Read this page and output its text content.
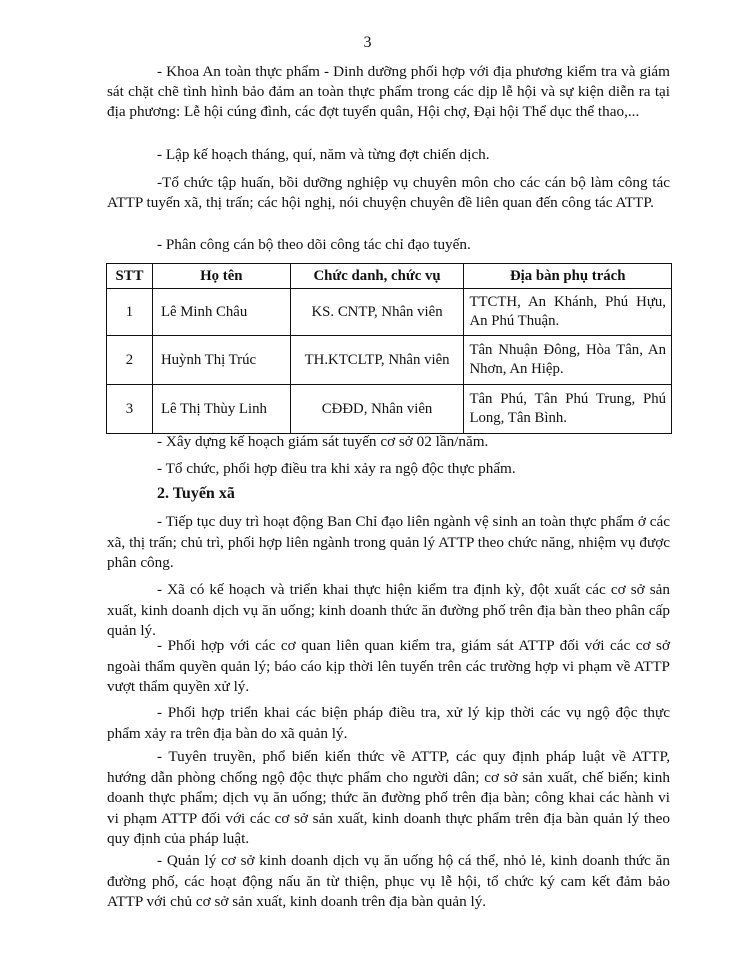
3

- Khoa An toàn thực phẩm - Dinh dưỡng phối hợp với địa phương kiểm tra và giám sát chặt chẽ tình hình bảo đảm an toàn thực phẩm trong các dịp lễ hội và sự kiện diễn ra tại địa phương: Lễ hội cúng đình, các đợt tuyển quân, Hội chợ, Đại hội Thể dục thể thao,...

- Lập kế hoạch tháng, quí, năm và từng đợt chiến dịch.

-Tổ chức tập huấn, bồi dưỡng nghiệp vụ chuyên môn cho các cán bộ làm công tác ATTP tuyến xã, thị trấn; các hội nghị, nói chuyện chuyên đề liên quan đến công tác ATTP.

- Phân công cán bộ theo dõi công tác chỉ đạo tuyến.

STT	Họ tên	Chức danh, chức vụ	Địa bàn phụ trách
1	Lê Minh Châu	KS. CNTP, Nhân viên	TTCTH, An Khánh, Phú Hựu, An Phú Thuận.
2	Huỳnh Thị Trúc	TH.KTCLTP, Nhân viên	Tân Nhuận Đông, Hòa Tân, An Nhơn, An Hiệp.
3	Lê Thị Thùy Linh	CĐĐD, Nhân viên	Tân Phú, Tân Phú Trung, Phú Long, Tân Bình.

- Xây dựng kế hoạch giám sát tuyến cơ sở 02 lần/năm.

- Tổ chức, phối hợp điều tra khi xảy ra ngộ độc thực phẩm.

2. Tuyến xã

- Tiếp tục duy trì hoạt động Ban Chỉ đạo liên ngành vệ sinh an toàn thực phẩm ở các xã, thị trấn; chủ trì, phối hợp liên ngành trong quản lý ATTP theo chức năng, nhiệm vụ được phân công.

- Xã có kế hoạch và triển khai thực hiện kiểm tra định kỳ, đột xuất các cơ sở sản xuất, kinh doanh dịch vụ ăn uống; kinh doanh thức ăn đường phố trên địa bàn theo phân cấp quản lý.

- Phối hợp với các cơ quan liên quan kiểm tra, giám sát ATTP đối với các cơ sở ngoài thẩm quyền quản lý; báo cáo kịp thời lên tuyến trên các trường hợp vi phạm về ATTP vượt thẩm quyền xử lý.

- Phối hợp triển khai các biện pháp điều tra, xử lý kịp thời các vụ ngộ độc thực phẩm xảy ra trên địa bàn do xã quản lý.

- Tuyên truyền, phổ biến kiến thức về ATTP, các quy định pháp luật về ATTP, hướng dẫn phòng chống ngộ độc thực phẩm cho người dân; cơ sở sản xuất, chế biến; kinh doanh thực phẩm; dịch vụ ăn uống; thức ăn đường phố trên địa bàn; công khai các hành vi vi phạm ATTP đối với các cơ sở sản xuất, kinh doanh thực phẩm trên địa bàn quản lý theo quy định của pháp luật.

- Quản lý cơ sở kinh doanh dịch vụ ăn uống hộ cá thể, nhỏ lẻ, kinh doanh thức ăn đường phố, các hoạt động nấu ăn từ thiện, phục vụ lễ hội, tổ chức ký cam kết đảm bảo ATTP với chủ cơ sở sản xuất, kinh doanh trên địa bàn quản lý.
